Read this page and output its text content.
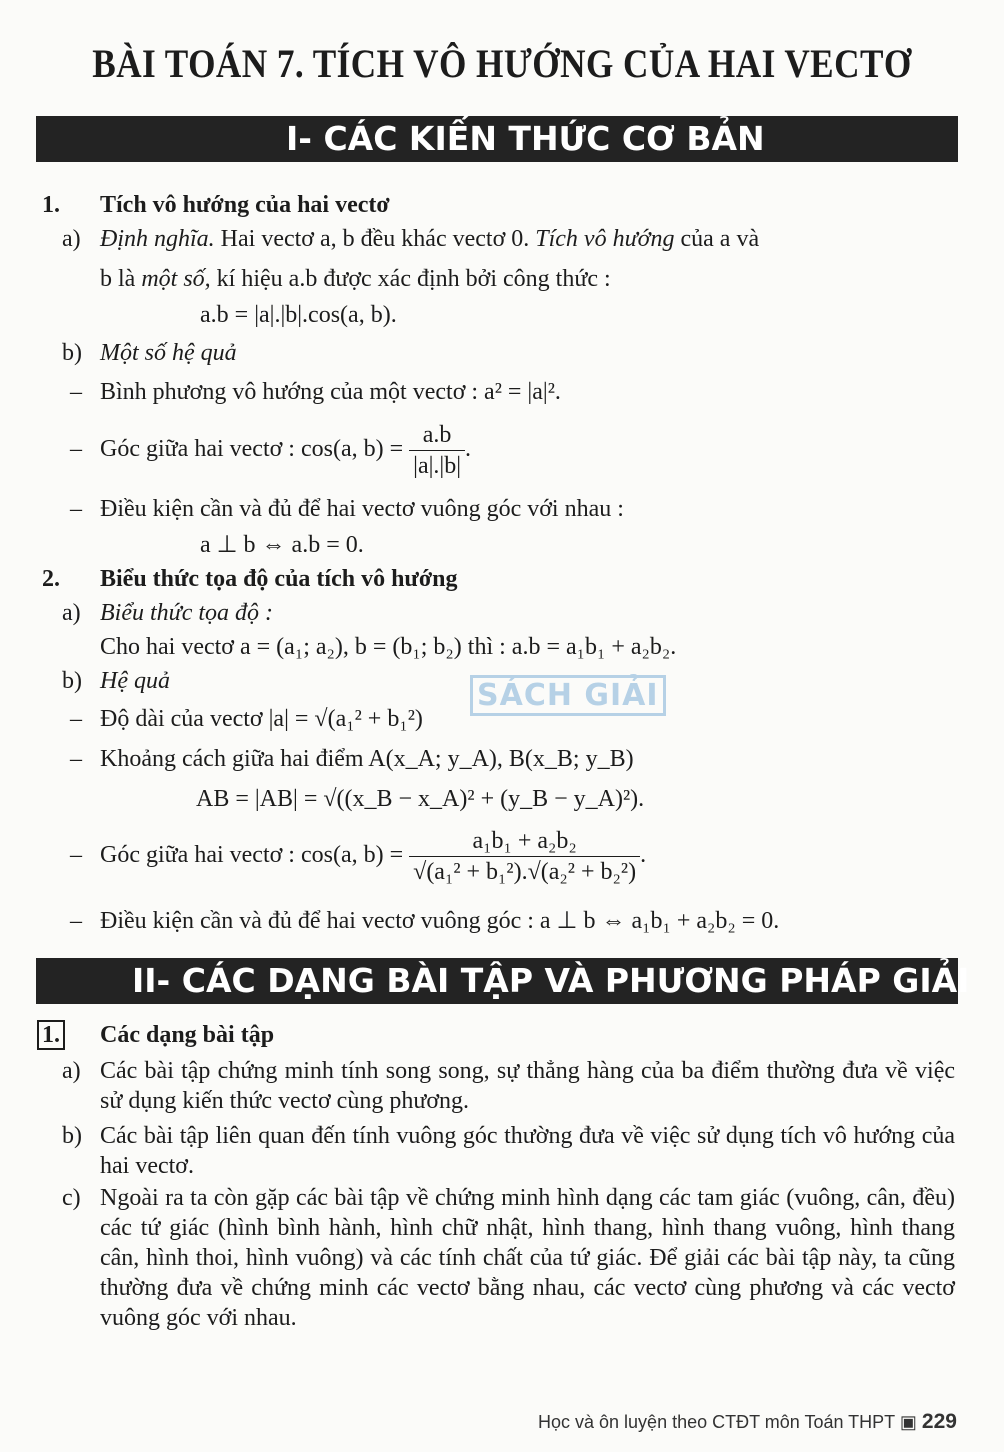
BÀI TOÁN 7. TÍCH VÔ HƯỚNG CỦA HAI VECTƠ
I- CÁC KIẾN THỨC CƠ BẢN
1. Tích vô hướng của hai vectơ
a) Định nghĩa. Hai vectơ a, b đều khác vectơ 0. Tích vô hướng của a và
b là một số, kí hiệu a.b được xác định bởi công thức :
a.b = |a|.|b|.cos(a, b).
b) Một số hệ quả
– Bình phương vô hướng của một vectơ : a² = |a|².
– Góc giữa hai vectơ : cos(a, $b) = \frac{a.b}{|a|.|b|}$ .
– Điều kiện cần và đủ để hai vectơ vuông góc với nhau :
a ⊥ b ⇔ a.b = 0.
2. Biểu thức tọa độ của tích vô hướng
a) Biểu thức tọa độ :
Cho hai vectơ a = (a₁; a₂), b = (b₁; b₂) thì : a.b = a₁b₁ + a₂b₂.
b) Hệ quả
– Độ dài của vectơ |a| = √(a₁² + b₁²)
– Khoảng cách giữa hai điểm A(x_A; y_A), B(x_B; y_B)
AB = |AB| = √((x_B − x_A)² + (y_B − y_A)²).
– Góc giữa hai vectơ : cos(a, $b) = \frac{\text{a₁b₁ + a₂b₂}}{\text{√(a₁² + b₁²).√(a₂² + b₂²)}}$ .
– Điều kiện cần và đủ để hai vectơ vuông góc : a ⊥ b ⇔ a₁b₁ + a₂b₂ = 0.
SÁCH GIẢI
II- CÁC DẠNG BÀI TẬP VÀ PHƯƠNG PHÁP GIẢI
1. Các dạng bài tập
a) Các bài tập chứng minh tính song song, sự thẳng hàng của ba điểm thường đưa về việc sử dụng kiến thức vectơ cùng phương.
b) Các bài tập liên quan đến tính vuông góc thường đưa về việc sử dụng tích vô hướng của hai vectơ.
c) Ngoài ra ta còn gặp các bài tập về chứng minh hình dạng các tam giác (vuông, cân, đều) các tứ giác (hình bình hành, hình chữ nhật, hình thang, hình thang vuông, hình thang cân, hình thoi, hình vuông) và các tính chất của tứ giác. Để giải các bài tập này, ta cũng thường đưa về chứng minh các vectơ bằng nhau, các vectơ cùng phương và các vectơ vuông góc với nhau.
Học và ôn luyện theo CTĐT môn Toán THPT ▣ 229
